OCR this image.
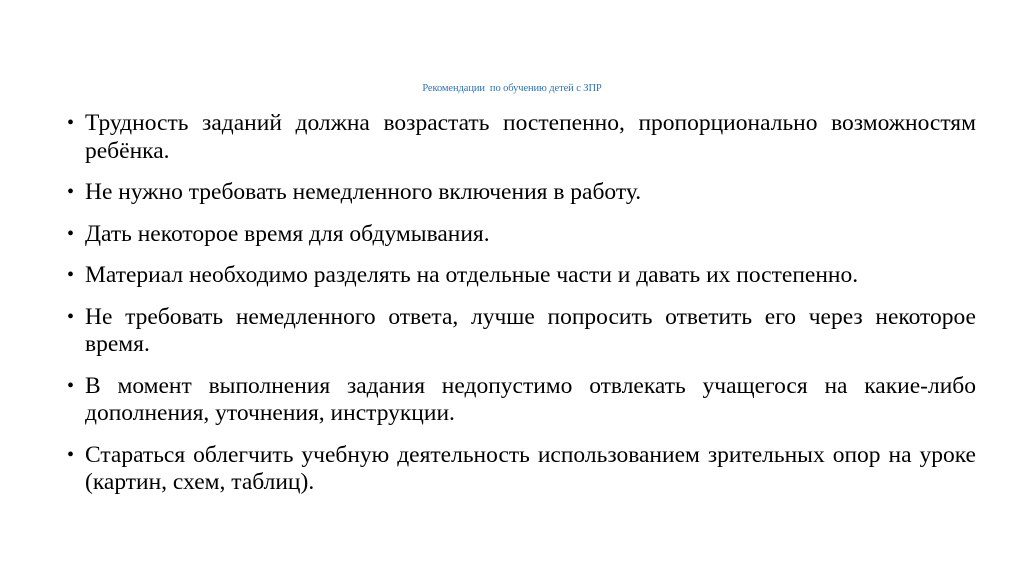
Рекомендации  по обучению детей с ЗПР
• Трудность заданий должна возрастать постепенно, пропорционально возможностям ребёнка.
• Не нужно требовать немедленного включения в работу.
• Дать некоторое время для обдумывания.
• Материал необходимо разделять на отдельные части и давать их постепенно.
• Не требовать немедленного ответа, лучше попросить ответить его через некоторое время.
• В момент выполнения задания недопустимо отвлекать учащегося на какие-либо дополнения, уточнения, инструкции.
• Стараться облегчить учебную деятельность использованием зрительных опор на уроке (картин, схем, таблиц).
